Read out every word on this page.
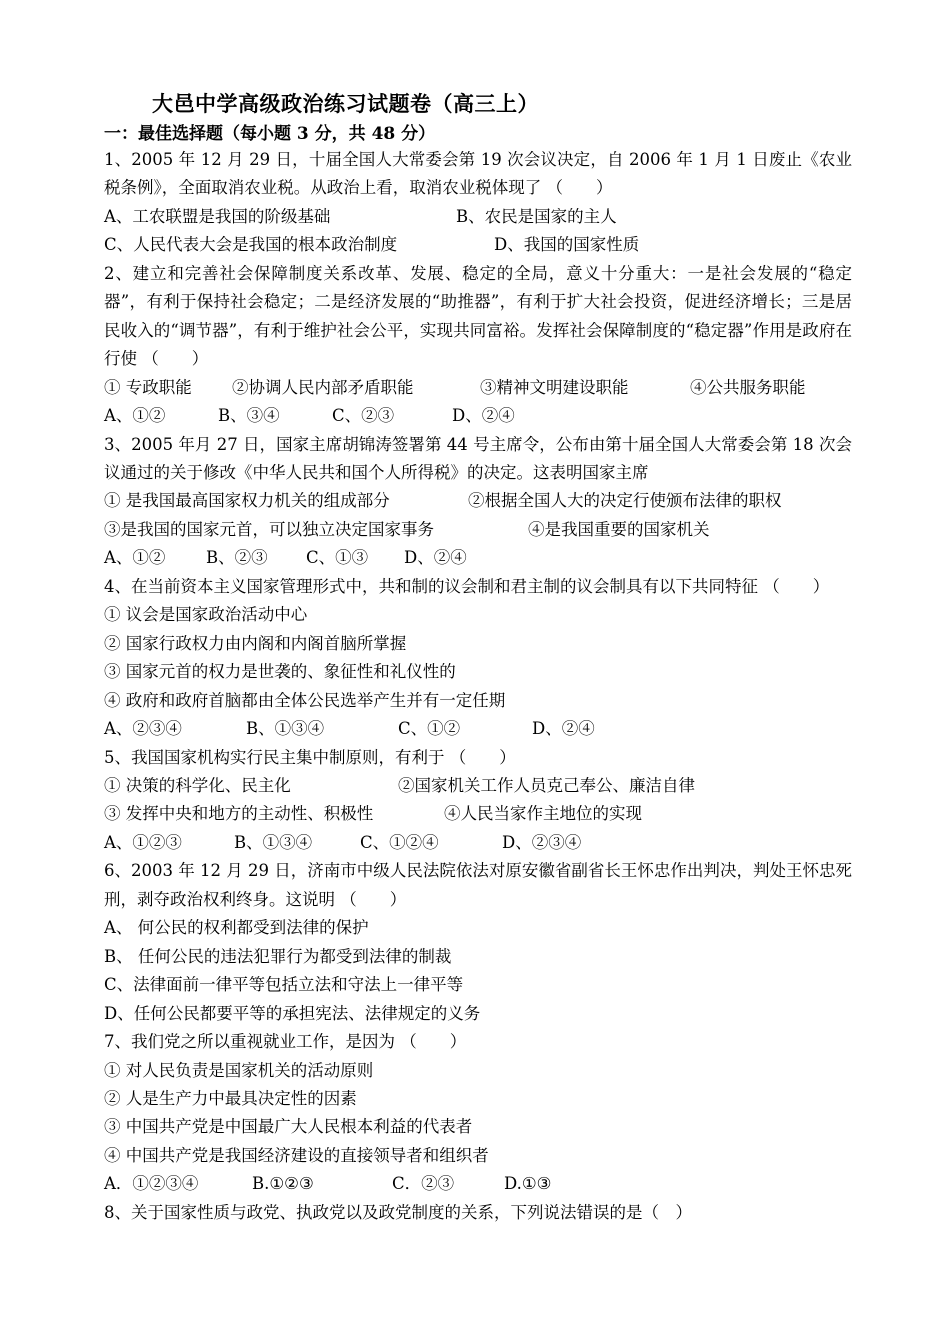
大邑中学高级政治练习试题卷（高三上）
一：最佳选择题（每小题 3 分，共 48 分）

1、2005 年 12 月 29 日，十届全国人大常委会第 19 次会议决定，自 2006 年 1 月 1 日废止《农业税条例》，全面取消农业税。从政治上看，取消农业税体现了 （　　）

A、工农联盟是我国的阶级基础	B、农民是国家的主人

C、人民代表大会是我国的根本政治制度	D、我国的国家性质

2、建立和完善社会保障制度关系改革、发展、稳定的全局，意义十分重大：一是社会发展的“稳定器”，有利于保持社会稳定；二是经济发展的“助推器”，有利于扩大社会投资，促进经济增长；三是居民收入的“调节器”，有利于维护社会公平，实现共同富裕。发挥社会保障制度的“稳定器”作用是政府在行使 （　　）

① 专政职能 ②协调人民内部矛盾职能	③精神文明建设职能	④公共服务职能

A、①②	B、③④	C、②③	D、②④

3、2005 年月 27 日，国家主席胡锦涛签署第 44 号主席令，公布由第十届全国人大常委会第 18 次会议通过的关于修改《中华人民共和国个人所得税》的决定。这表明国家主席

① 是我国最高国家权力机关的组成部分	②根据全国人大的决定行使颁布法律的职权

③是我国的国家元首，可以独立决定国家事务	④是我国重要的国家机关

A、①② B、②③ C、①③ D、②④

4、在当前资本主义国家管理形式中，共和制的议会制和君主制的议会制具有以下共同特征 （　　）

① 议会是国家政治活动中心

② 国家行政权力由内阁和内阁首脑所掌握

③ 国家元首的权力是世袭的、象征性和礼仪性的

④ 政府和政府首脑都由全体公民选举产生并有一定任期

A、②③④	B、①③④	C、①②	D、②④

5、我国国家机构实行民主集中制原则，有利于 （　　）

① 决策的科学化、民主化	②国家机关工作人员克己奉公、廉洁自律

③ 发挥中央和地方的主动性、积极性	④人民当家作主地位的实现

A、①②③	B、①③④	C、①②④	D、②③④

6、2003 年 12 月 29 日，济南市中级人民法院依法对原安徽省副省长王怀忠作出判决，判处王怀忠死刑，剥夺政治权利终身。这说明 （　　）

A、 何公民的权利都受到法律的保护

B、 任何公民的违法犯罪行为都受到法律的制裁

C、法律面前一律平等包括立法和守法上一律平等

D、任何公民都要平等的承担宪法、法律规定的义务

7、我们党之所以重视就业工作，是因为 （　　）

① 对人民负责是国家机关的活动原则

② 人是生产力中最具决定性的因素

③ 中国共产党是中国最广大人民根本利益的代表者

④ 中国共产党是我国经济建设的直接领导者和组织者

A．①②③④	B.①②③	C．②③	D.①③

8、关于国家性质与政党、执政党以及政党制度的关系，下列说法错误的是（　）
